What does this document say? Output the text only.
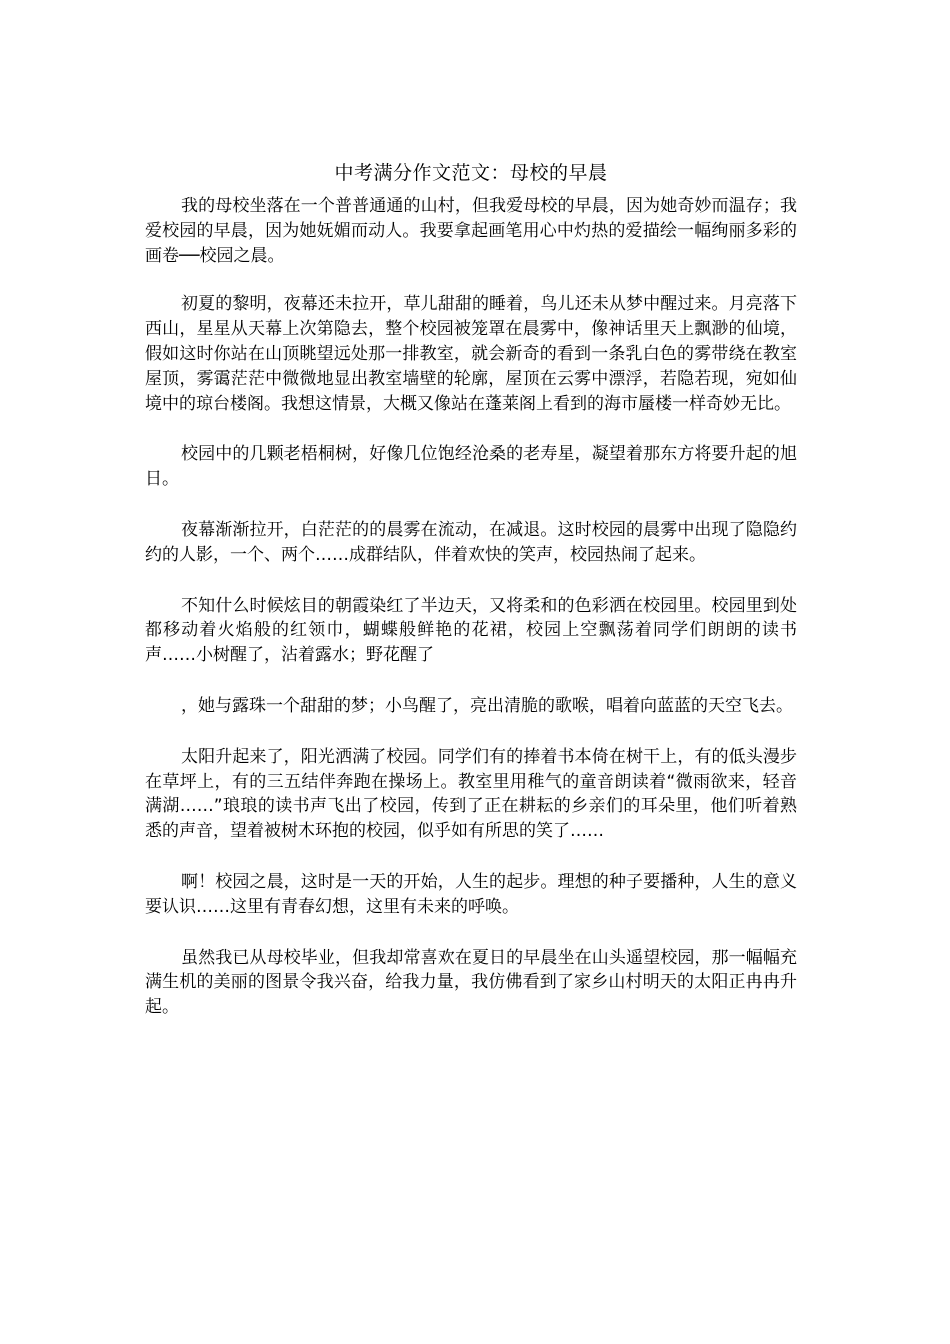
中考满分作文范文：母校的早晨

我的母校坐落在一个普普通通的山村，但我爱母校的早晨，因为她奇妙而温存；我爱校园的早晨，因为她妩媚而动人。我要拿起画笔用心中灼热的爱描绘一幅绚丽多彩的画卷──校园之晨。

初夏的黎明，夜幕还未拉开，草儿甜甜的睡着，鸟儿还未从梦中醒过来。月亮落下西山，星星从天幕上次第隐去，整个校园被笼罩在晨雾中，像神话里天上飘渺的仙境，假如这时你站在山顶眺望远处那一排教室，就会新奇的看到一条乳白色的雾带绕在教室屋顶，雾霭茫茫中微微地显出教室墙壁的轮廓，屋顶在云雾中漂浮，若隐若现，宛如仙境中的琼台楼阁。我想这情景，大概又像站在蓬莱阁上看到的海市蜃楼一样奇妙无比。

校园中的几颗老梧桐树，好像几位饱经沧桑的老寿星，凝望着那东方将要升起的旭日。

夜幕渐渐拉开，白茫茫的的晨雾在流动，在减退。这时校园的晨雾中出现了隐隐约约的人影，一个、两个……成群结队，伴着欢快的笑声，校园热闹了起来。

不知什么时候炫目的朝霞染红了半边天，又将柔和的色彩洒在校园里。校园里到处都移动着火焰般的红领巾，蝴蝶般鲜艳的花裙，校园上空飘荡着同学们朗朗的读书声……小树醒了，沾着露水；野花醒了

，她与露珠一个甜甜的梦；小鸟醒了，亮出清脆的歌喉，唱着向蓝蓝的天空飞去。

太阳升起来了，阳光洒满了校园。同学们有的捧着书本倚在树干上，有的低头漫步在草坪上，有的三五结伴奔跑在操场上。教室里用稚气的童音朗读着“微雨欲来，轻音满湖……”琅琅的读书声飞出了校园，传到了正在耕耘的乡亲们的耳朵里，他们听着熟悉的声音，望着被树木环抱的校园，似乎如有所思的笑了……

啊！校园之晨，这时是一天的开始，人生的起步。理想的种子要播种，人生的意义要认识……这里有青春幻想，这里有未来的呼唤。

虽然我已从母校毕业，但我却常喜欢在夏日的早晨坐在山头遥望校园，那一幅幅充满生机的美丽的图景令我兴奋，给我力量，我仿佛看到了家乡山村明天的太阳正冉冉升起。
